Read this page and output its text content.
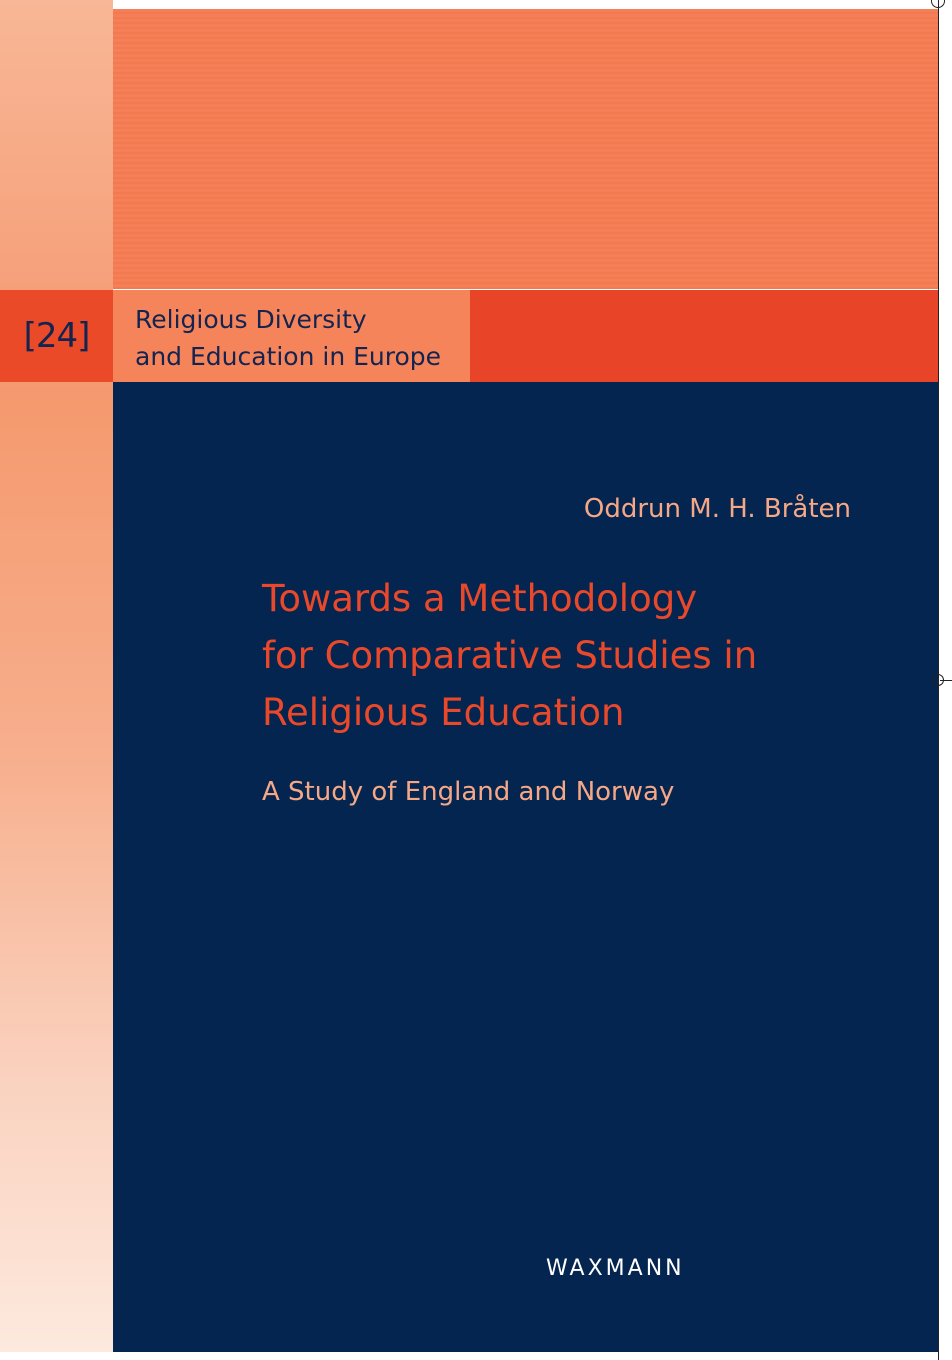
[24] Religious Diversity
and Education in Europe
Oddrun M. H. Bråten
Towards a Methodology
for Comparative Studies in
Religious Education
A Study of England and Norway
WAXMANN
